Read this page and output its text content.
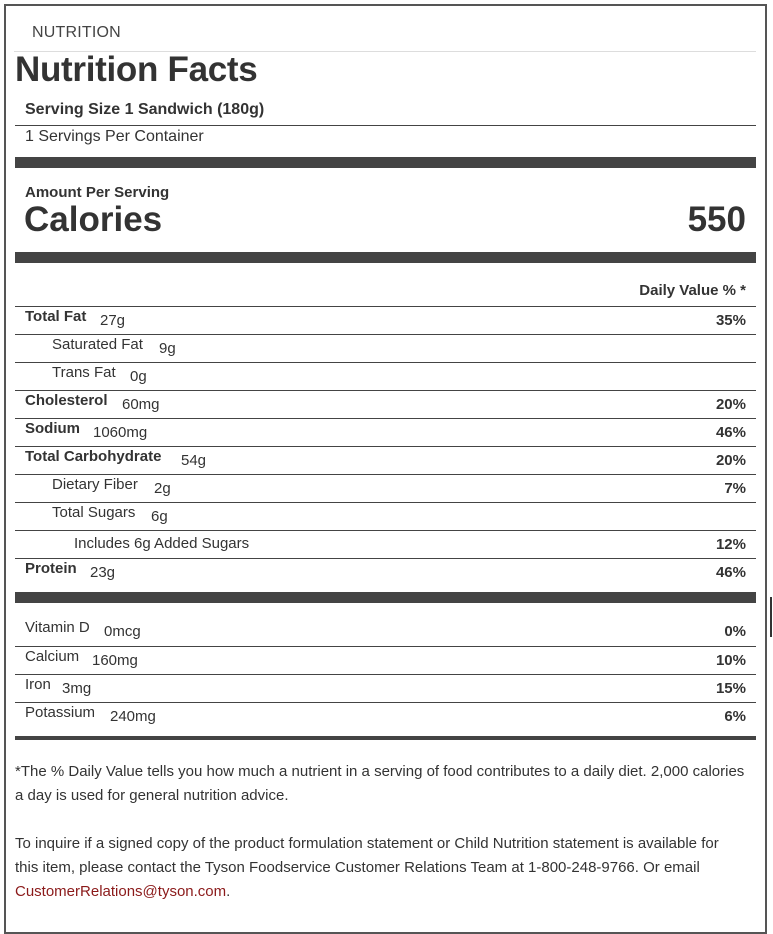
NUTRITION
Nutrition Facts
Serving Size 1 Sandwich (180g)
1 Servings Per Container
Amount Per Serving
Calories	550
Daily Value % *
Total Fat 27g	35%
Saturated Fat 9g
Trans Fat 0g
Cholesterol 60mg	20%
Sodium 1060mg	46%
Total Carbohydrate 54g	20%
Dietary Fiber 2g	7%
Total Sugars 6g
Includes 6g Added Sugars	12%
Protein 23g	46%
Vitamin D 0mcg	0%
Calcium 160mg	10%
Iron 3mg	15%
Potassium 240mg	6%
*The % Daily Value tells you how much a nutrient in a serving of food contributes to a daily diet. 2,000 calories a day is used for general nutrition advice.
To inquire if a signed copy of the product formulation statement or Child Nutrition statement is available for this item, please contact the Tyson Foodservice Customer Relations Team at 1-800-248-9766. Or email CustomerRelations@tyson.com.
